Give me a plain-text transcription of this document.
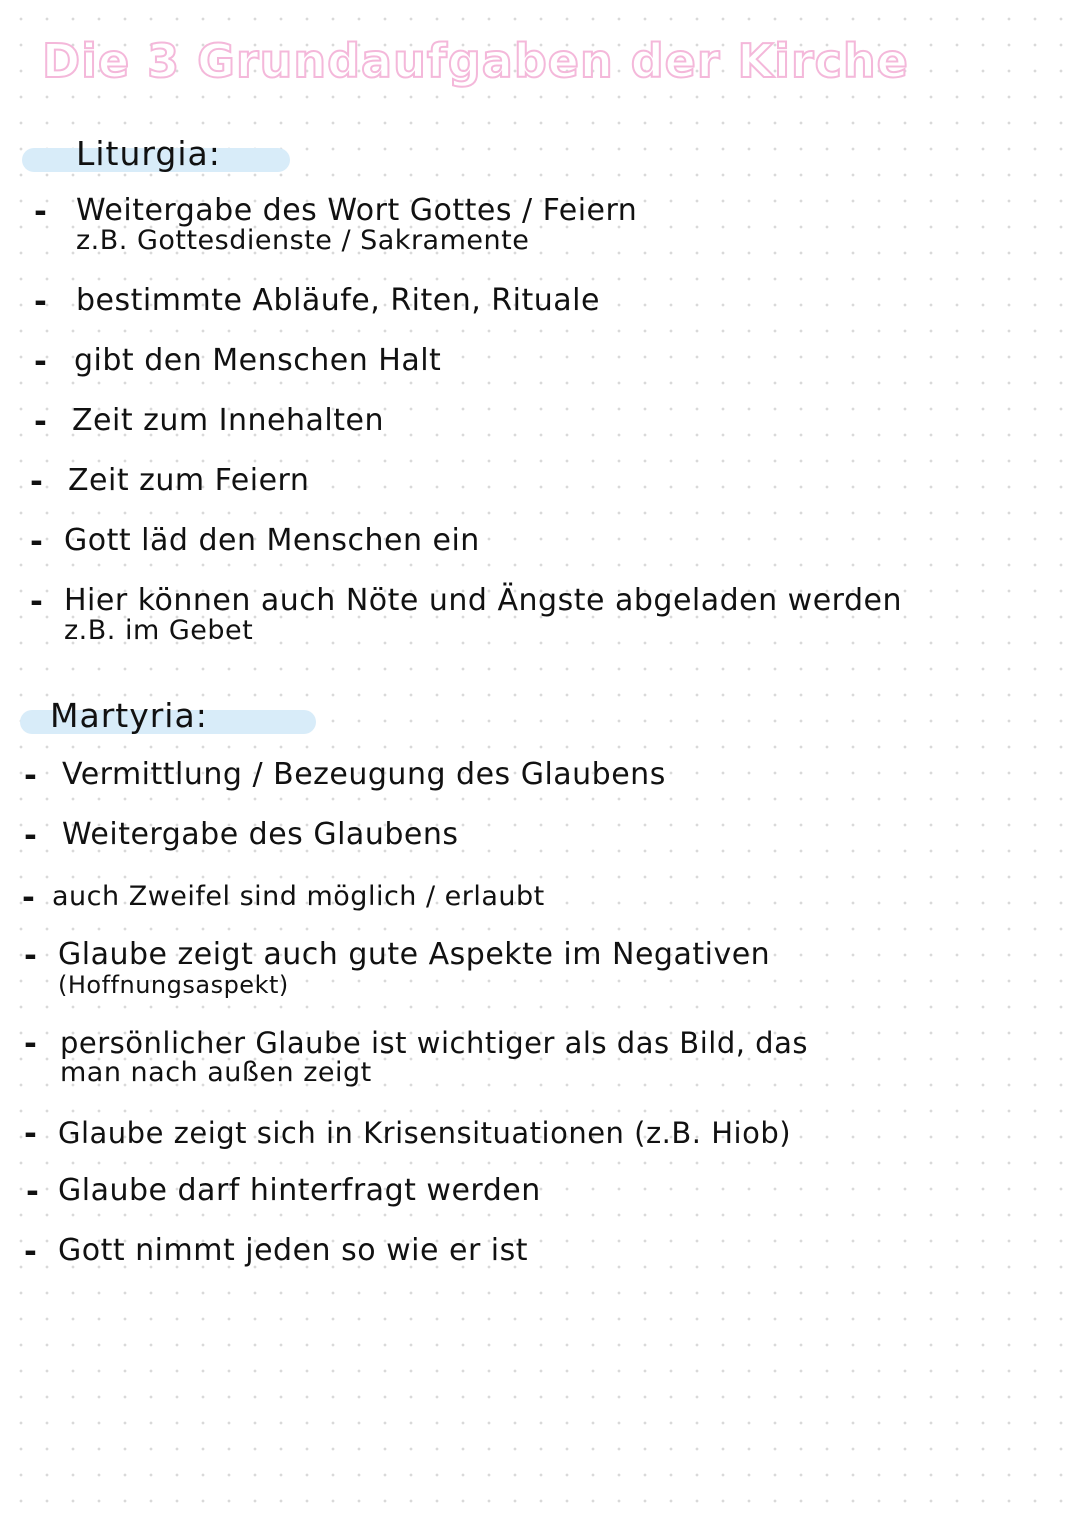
Die 3 Grundaufgaben der Kirche
Liturgia:
- Weitergabe des Wort Gottes / Feiern
z.B. Gottesdienste / Sakramente
- bestimmte Abläufe, Riten, Rituale
- gibt den Menschen Halt
- Zeit zum Innehalten
- Zeit zum Feiern
- Gott läd den Menschen ein
- Hier können auch Nöte und Ängste abgeladen werden
z.B. im Gebet
Martyria:
- Vermittlung / Bezeugung des Glaubens
- Weitergabe des Glaubens
- auch Zweifel sind möglich / erlaubt
- Glaube zeigt auch gute Aspekte im Negativen
(Hoffnungsaspekt)
- persönlicher Glaube ist wichtiger als das Bild, das
man nach außen zeigt
- Glaube zeigt sich in Krisensituationen (z.B. Hiob)
- Glaube darf hinterfragt werden
- Gott nimmt jeden so wie er ist
